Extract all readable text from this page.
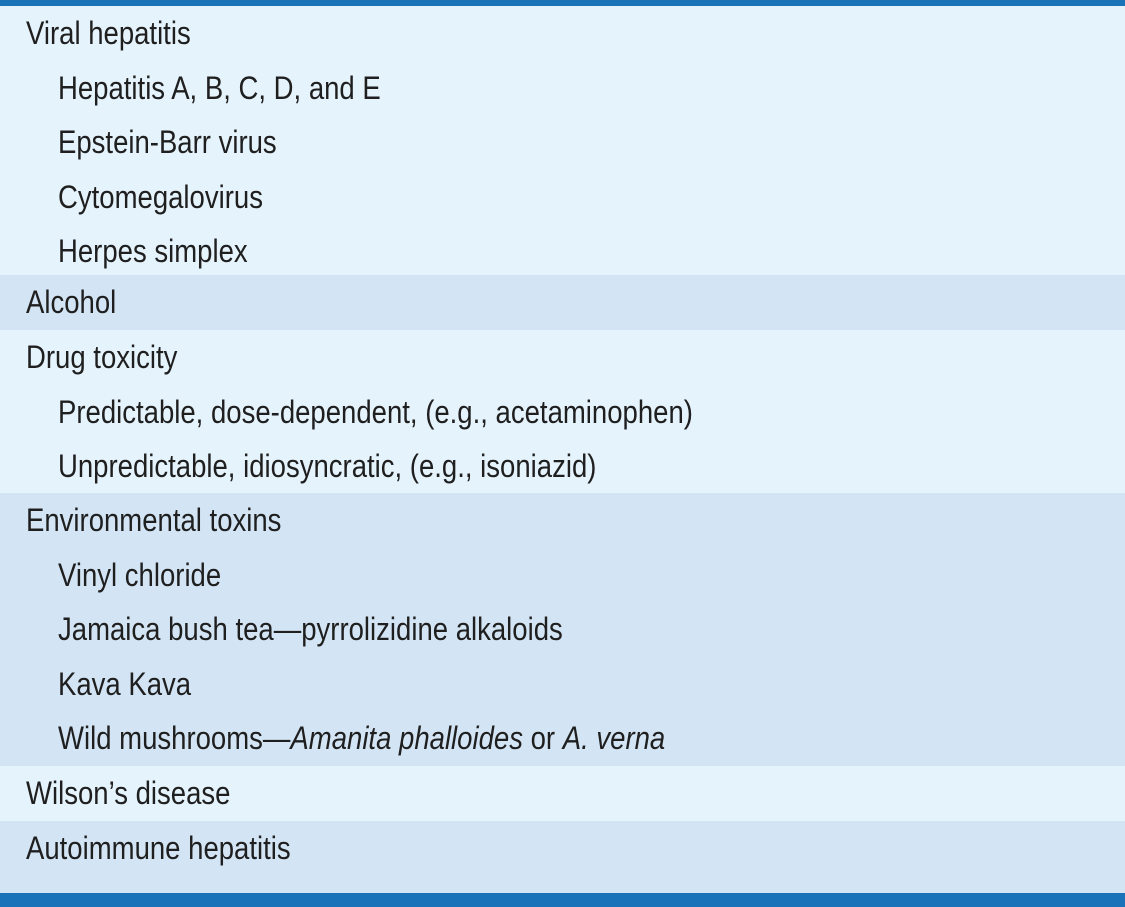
Viral hepatitis
Hepatitis A, B, C, D, and E
Epstein-Barr virus
Cytomegalovirus
Herpes simplex
Alcohol
Drug toxicity
Predictable, dose-dependent, (e.g., acetaminophen)
Unpredictable, idiosyncratic, (e.g., isoniazid)
Environmental toxins
Vinyl chloride
Jamaica bush tea—pyrrolizidine alkaloids
Kava Kava
Wild mushrooms—Amanita phalloides or A. verna
Wilson’s disease
Autoimmune hepatitis
